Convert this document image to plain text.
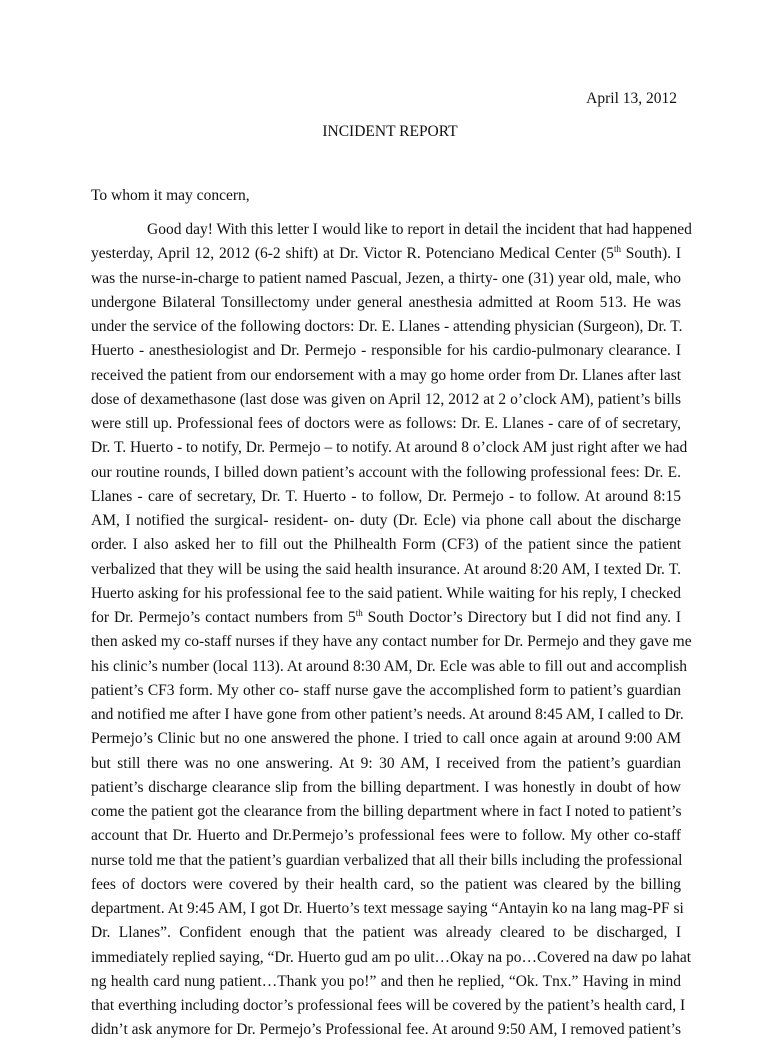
April 13, 2012
INCIDENT REPORT
To whom it may concern,
Good day! With this letter I would like to report in detail the incident that had happened
yesterday, April 12, 2012 (6-2 shift) at Dr. Victor R. Potenciano Medical Center (5th South). I
was the nurse-in-charge to patient named Pascual, Jezen, a thirty- one (31) year old, male, who
undergone Bilateral Tonsillectomy under general anesthesia admitted at Room 513. He was
under the service of the following doctors: Dr. E. Llanes - attending physician (Surgeon), Dr. T.
Huerto - anesthesiologist and Dr. Permejo - responsible for his cardio-pulmonary clearance. I
received the patient from our endorsement with a may go home order from Dr. Llanes after last
dose of dexamethasone (last dose was given on April 12, 2012 at 2 o’clock AM), patient’s bills
were still up. Professional fees of doctors were as follows: Dr. E. Llanes - care of of secretary,
Dr. T. Huerto - to notify, Dr. Permejo – to notify. At around 8 o’clock AM just right after we had
our routine rounds, I billed down patient’s account with the following professional fees: Dr. E.
Llanes - care of secretary, Dr. T. Huerto - to follow, Dr. Permejo - to follow. At around 8:15
AM, I notified the surgical- resident- on- duty (Dr. Ecle) via phone call about the discharge
order. I also asked her to fill out the Philhealth Form (CF3) of the patient since the patient
verbalized that they will be using the said health insurance. At around 8:20 AM, I texted Dr. T.
Huerto asking for his professional fee to the said patient. While waiting for his reply, I checked
for Dr. Permejo’s contact numbers from 5th South Doctor’s Directory but I did not find any. I
then asked my co-staff nurses if they have any contact number for Dr. Permejo and they gave me
his clinic’s number (local 113). At around 8:30 AM, Dr. Ecle was able to fill out and accomplish
patient’s CF3 form. My other co- staff nurse gave the accomplished form to patient’s guardian
and notified me after I have gone from other patient’s needs. At around 8:45 AM, I called to Dr.
Permejo’s Clinic but no one answered the phone. I tried to call once again at around 9:00 AM
but still there was no one answering. At 9: 30 AM, I received from the patient’s guardian
patient’s discharge clearance slip from the billing department. I was honestly in doubt of how
come the patient got the clearance from the billing department where in fact I noted to patient’s
account that Dr. Huerto and Dr.Permejo’s professional fees were to follow. My other co-staff
nurse told me that the patient’s guardian verbalized that all their bills including the professional
fees of doctors were covered by their health card, so the patient was cleared by the billing
department. At 9:45 AM, I got Dr. Huerto’s text message saying “Antayin ko na lang mag-PF si
Dr. Llanes”. Confident enough that the patient was already cleared to be discharged, I
immediately replied saying, “Dr. Huerto gud am po ulit…Okay na po…Covered na daw po lahat
ng health card nung patient…Thank you po!” and then he replied, “Ok. Tnx.” Having in mind
that everthing including doctor’s professional fees will be covered by the patient’s health card, I
didn’t ask anymore for Dr. Permejo’s Professional fee. At around 9:50 AM, I removed patient’s
